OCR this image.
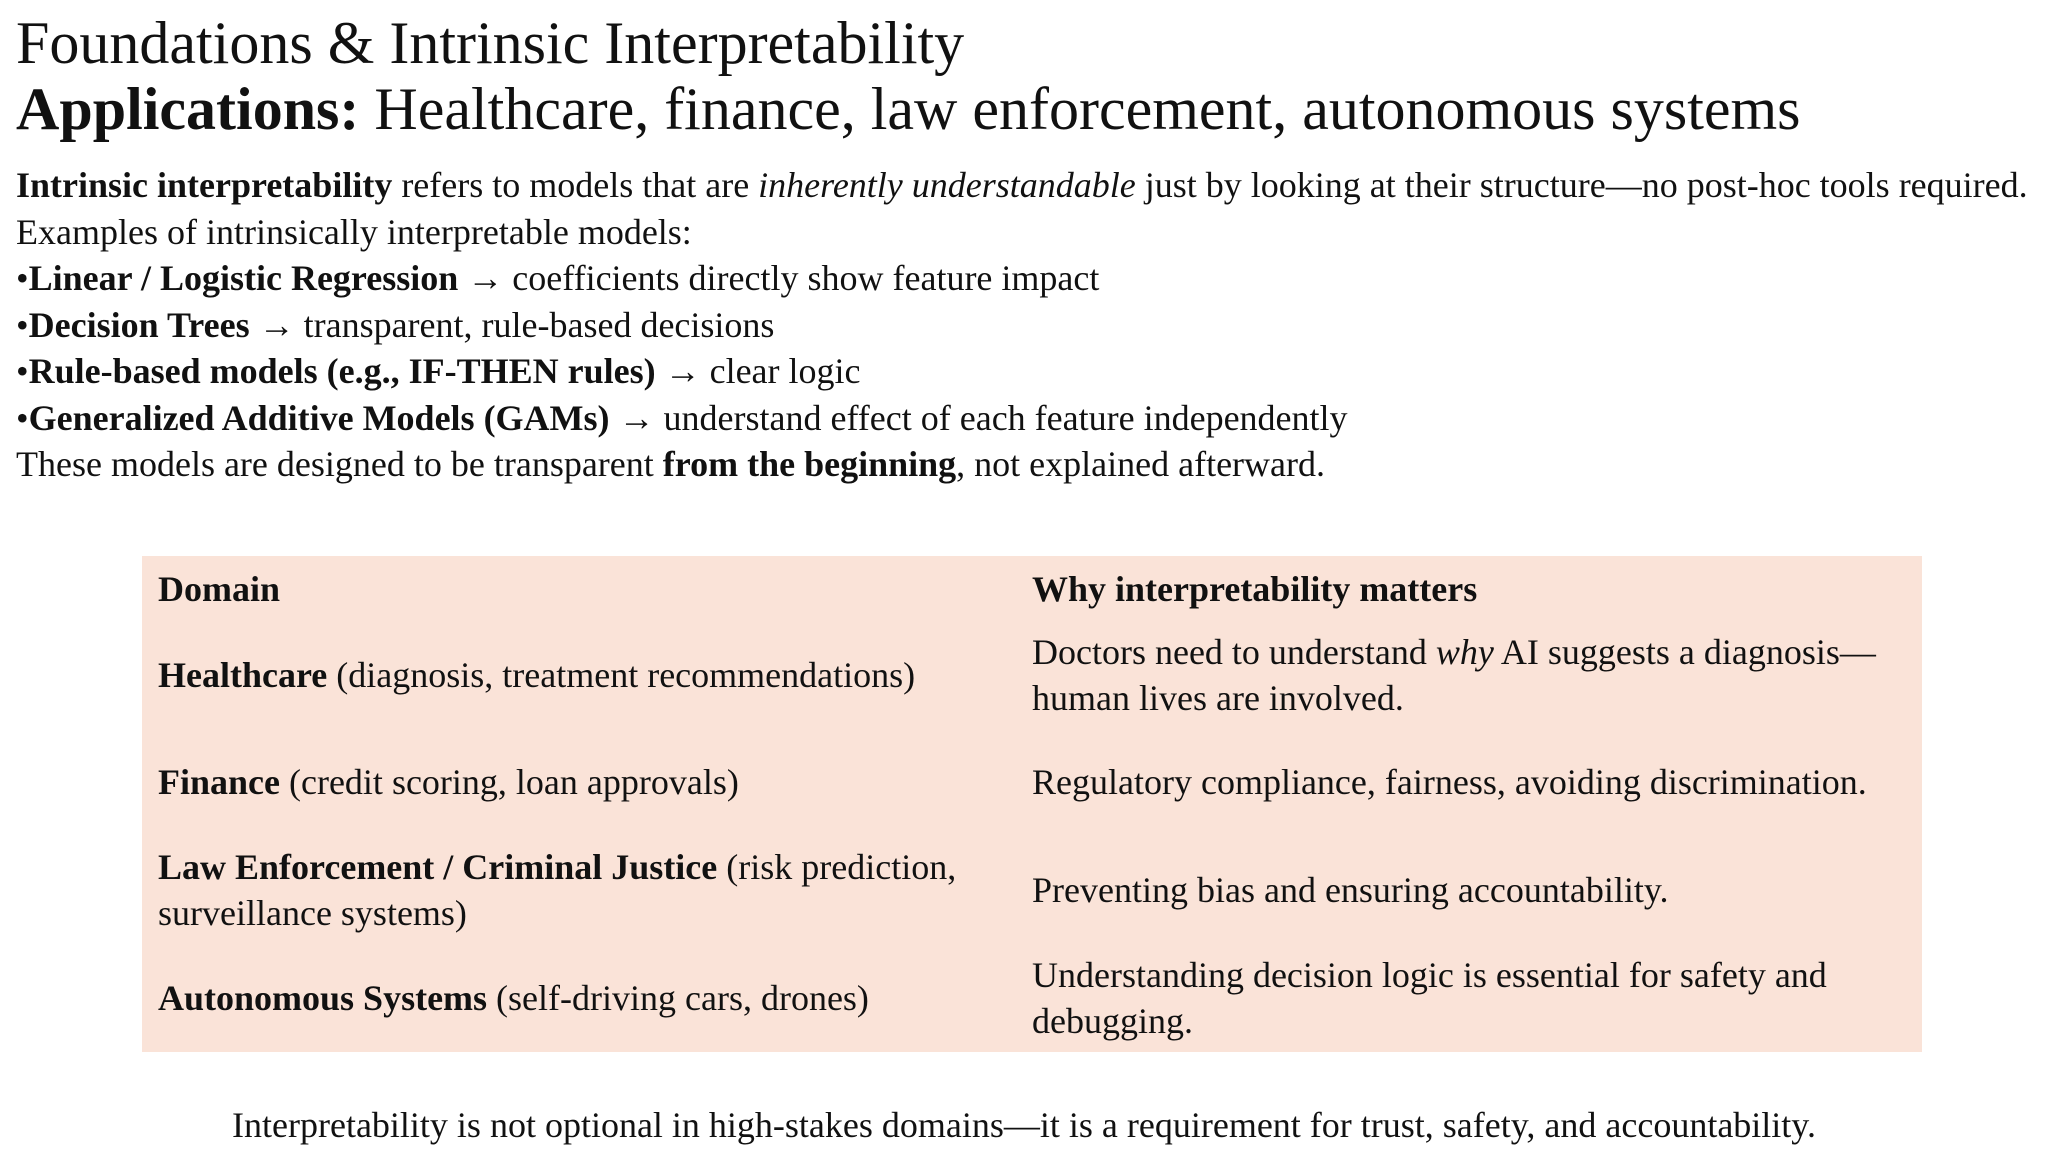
Foundations & Intrinsic Interpretability
Applications: Healthcare, finance, law enforcement, autonomous systems

Intrinsic interpretability refers to models that are inherently understandable just by looking at their structure—no post-hoc tools required.

Examples of intrinsically interpretable models:

•Linear / Logistic Regression → coefficients directly show feature impact

•Decision Trees → transparent, rule-based decisions

•Rule-based models (e.g., IF-THEN rules) → clear logic

•Generalized Additive Models (GAMs) → understand effect of each feature independently

These models are designed to be transparent from the beginning, not explained afterward.

Domain	Why interpretability matters
Healthcare (diagnosis, treatment recommendations)	Doctors need to understand why AI suggests a diagnosis—human lives are involved.
Finance (credit scoring, loan approvals)	Regulatory compliance, fairness, avoiding discrimination.
Law Enforcement / Criminal Justice (risk prediction, surveillance systems)	Preventing bias and ensuring accountability.
Autonomous Systems (self-driving cars, drones)	Understanding decision logic is essential for safety and debugging.
Interpretability is not optional in high-stakes domains—it is a requirement for trust, safety, and accountability.
